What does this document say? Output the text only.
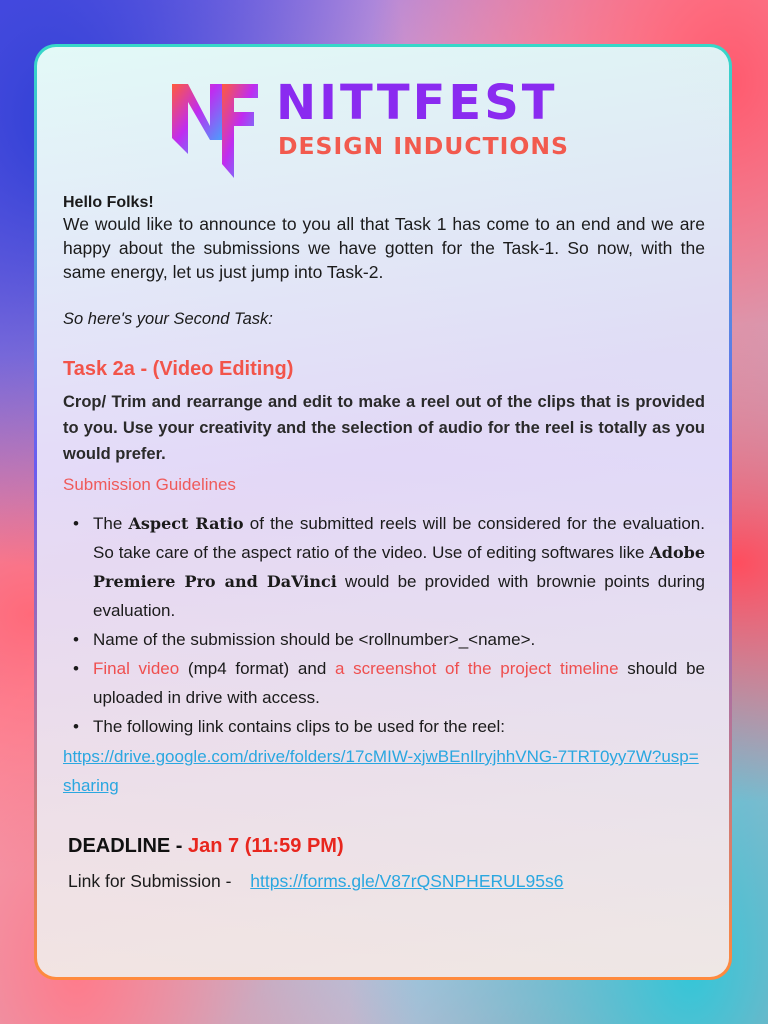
NITTFEST
DESIGN INDUCTIONS
Hello Folks!
We would like to announce to you all that Task 1 has come to an end and we are happy about the submissions we have gotten for the Task-1. So now, with the same energy, let us just jump into Task-2.
So here's your Second Task:
Task 2a - (Video Editing)
Crop/ Trim and rearrange and edit to make a reel out of the clips that is provided to you. Use your creativity and the selection of audio for the reel is totally as you would prefer.
Submission Guidelines
• The Aspect Ratio of the submitted reels will be considered for the evaluation. So take care of the aspect ratio of the video. Use of editing softwares like Adobe Premiere Pro and DaVinci would be provided with brownie points during evaluation.
• Name of the submission should be <rollnumber>_<name>.
• Final video (mp4 format) and a screenshot of the project timeline should be uploaded in drive with access.
• The following link contains clips to be used for the reel:
https://drive.google.com/drive/folders/17cMIW-xjwBEnIlryjhhVNG-7TRT0yy7W?usp=sharing
DEADLINE - Jan 7 (11:59 PM)
Link for Submission - https://forms.gle/V87rQSNPHERUL95s6
